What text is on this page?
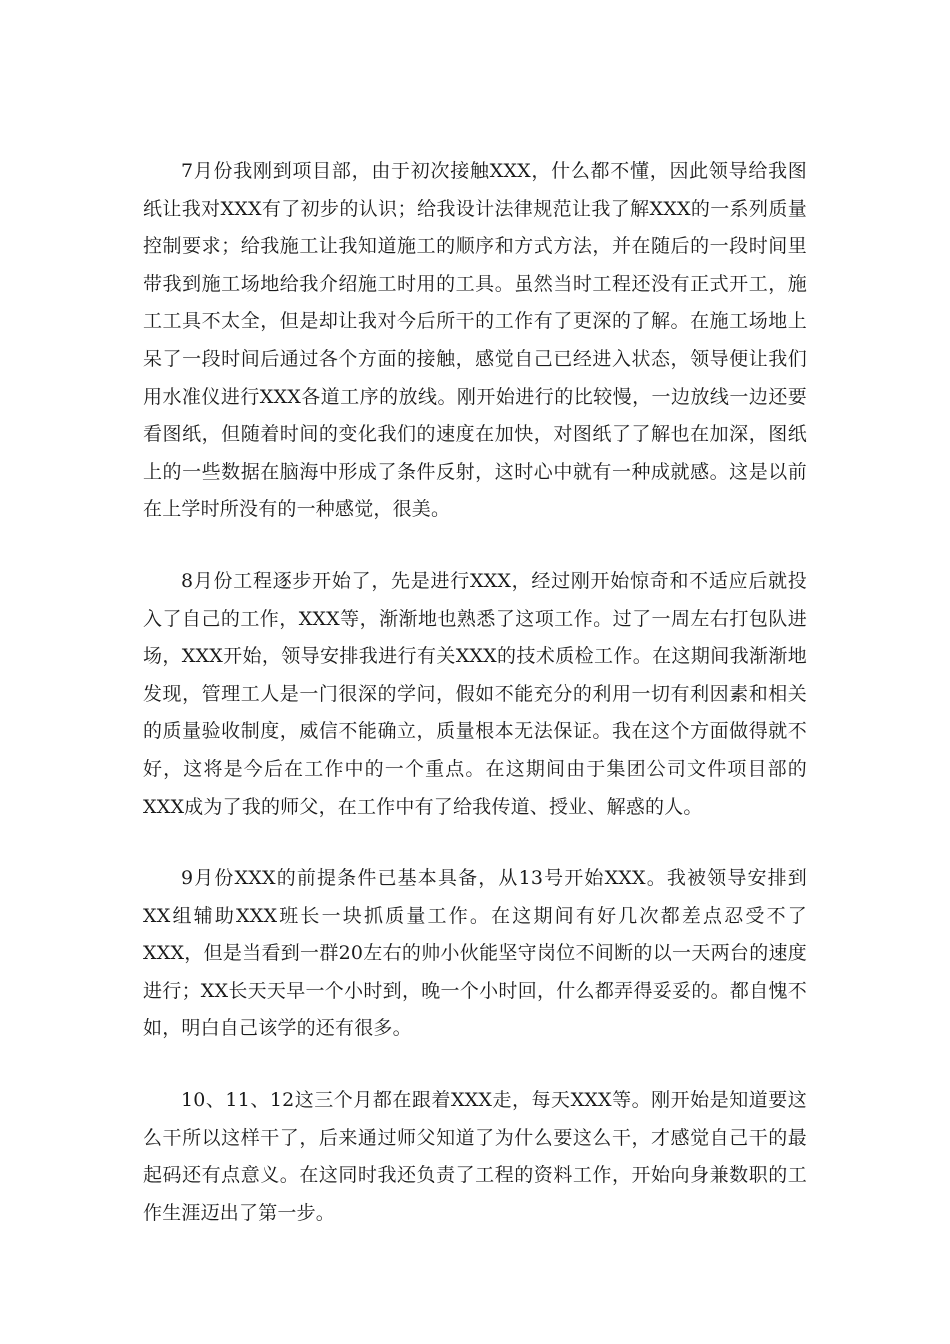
7月份我刚到项目部，由于初次接触XXX，什么都不懂，因此领导给我图纸让我对XXX有了初步的认识；给我设计法律规范让我了解XXX的一系列质量控制要求；给我施工让我知道施工的顺序和方式方法，并在随后的一段时间里带我到施工场地给我介绍施工时用的工具。虽然当时工程还没有正式开工，施工工具不太全，但是却让我对今后所干的工作有了更深的了解。在施工场地上呆了一段时间后通过各个方面的接触，感觉自己已经进入状态，领导便让我们用水准仪进行XXX各道工序的放线。刚开始进行的比较慢，一边放线一边还要看图纸，但随着时间的变化我们的速度在加快，对图纸了了解也在加深，图纸上的一些数据在脑海中形成了条件反射，这时心中就有一种成就感。这是以前在上学时所没有的一种感觉，很美。

8月份工程逐步开始了，先是进行XXX，经过刚开始惊奇和不适应后就投入了自己的工作，XXX等，渐渐地也熟悉了这项工作。过了一周左右打包队进场，XXX开始，领导安排我进行有关XXX的技术质检工作。在这期间我渐渐地发现，管理工人是一门很深的学问，假如不能充分的利用一切有利因素和相关的质量验收制度，威信不能确立，质量根本无法保证。我在这个方面做得就不好，这将是今后在工作中的一个重点。在这期间由于集团公司文件项目部的XXX成为了我的师父，在工作中有了给我传道、授业、解惑的人。

9月份XXX的前提条件已基本具备，从13号开始XXX。我被领导安排到XX组辅助XXX班长一块抓质量工作。在这期间有好几次都差点忍受不了XXX，但是当看到一群20左右的帅小伙能坚守岗位不间断的以一天两台的速度进行；XX长天天早一个小时到，晚一个小时回，什么都弄得妥妥的。都自愧不如，明白自己该学的还有很多。

10、11、12这三个月都在跟着XXX走，每天XXX等。刚开始是知道要这么干所以这样干了，后来通过师父知道了为什么要这么干，才感觉自己干的最起码还有点意义。在这同时我还负责了工程的资料工作，开始向身兼数职的工作生涯迈出了第一步。
